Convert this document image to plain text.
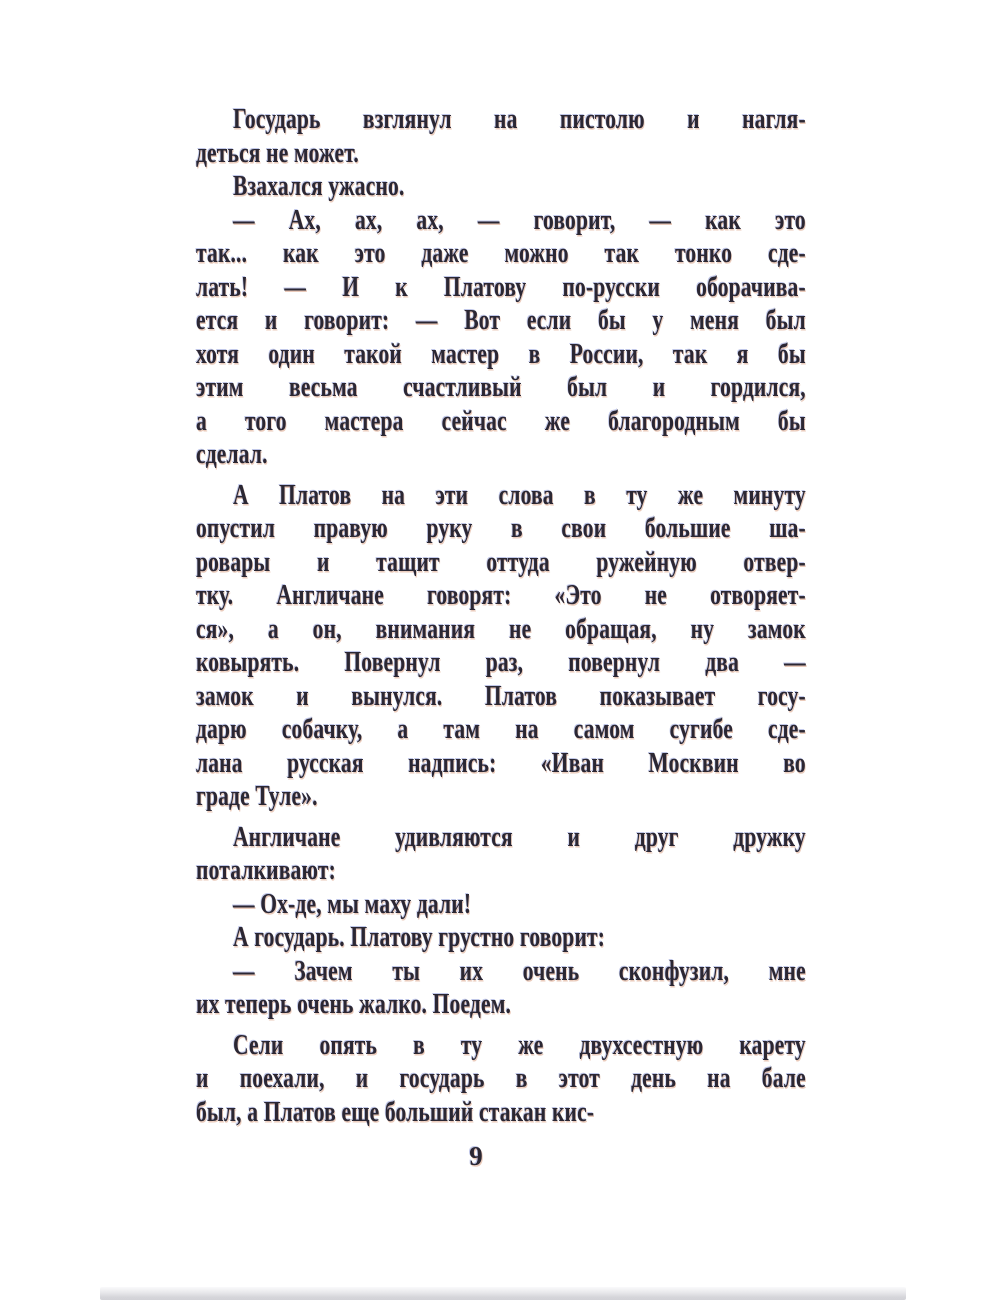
Государь взглянул на пистолю и нагля-
деться не может.
Взахался ужасно.
— Ах, ах, ах, — говорит, — как это
так... как это даже можно так тонко сде-
лать! — И к Платову по-русски оборачива-
ется и говорит: — Вот если бы у меня был
хотя один такой мастер в России, так я бы
этим весьма счастливый был и гордился,
а того мастера сейчас же благородным бы
сделал.
А Платов на эти слова в ту же минуту
опустил правую руку в свои большие ша-
ровары и тащит оттуда ружейную отвер-
тку. Англичане говорят: «Это не отворяет-
ся», а он, внимания не обращая, ну замок
ковырять. Повернул раз, повернул два —
замок и вынулся. Платов показывает госу-
дарю собачку, а там на самом сугибе сде-
лана русская надпись: «Иван Москвин во
граде Туле».
Англичане удивляются и друг дружку
поталкивают:
— Ох-де, мы маху дали!
А государь. Платову грустно говорит:
— Зачем ты их очень сконфузил, мне
их теперь очень жалко. Поедем.
Сели опять в ту же двухсестную карету
и поехали, и государь в этот день на бале
был, а Платов еще больший стакан кис-
9
